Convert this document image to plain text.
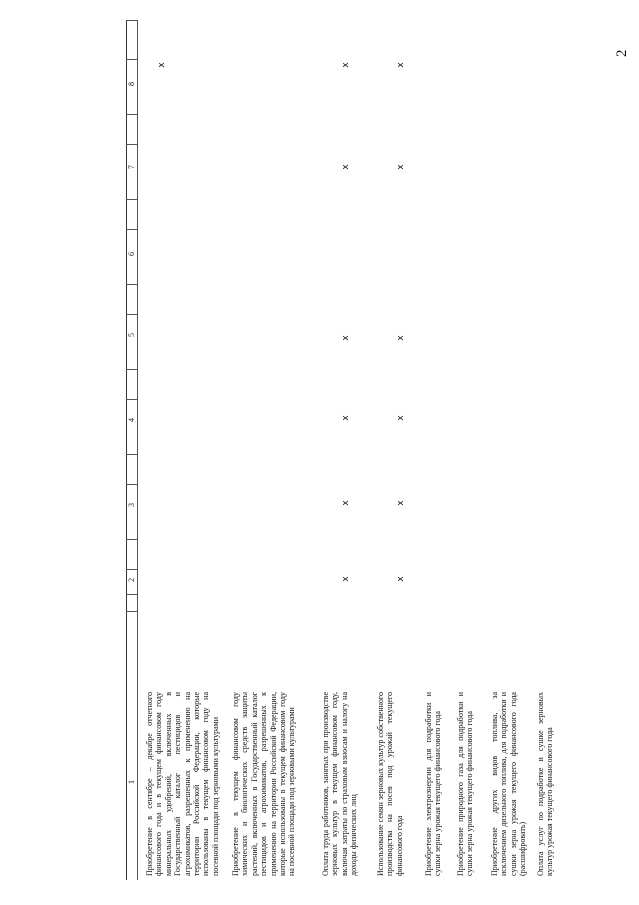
2
1
2
3
4
5
6
7
8
Приобретение в сентябре – декабре отчетного финансового года и в текущем финансовом году минеральных удобрений, включенных в Государственный каталог пестицидов и агрохимикатов, разрешенных к применению на территории Российской Федерации, которые использованы в текущем финансовом году на посевной площади под зерновыми культурами Приобретение в текущем финансовом году химических и биологических средств защиты растений, включенных в Государственный каталог пестицидов и агрохимикатов, разрешенных к применению на территории Российской Федерации, которые использованы в текущем финансовом году на посевной площади под зерновыми культурами
x
Оплата труда работников, занятых при производстве зерновых культур в текущем финансовом году, включая затраты по страховым взносам и налогу на доходы физических лиц
x
x
x
x
x
x
Использование семян зерновых культур собственного производства на посев под урожай текущего финансового года
x
x
x
x
x
x
Приобретение электроэнергии для подработки и сушки зерна урожая текущего финансового года Приобретение природного газа для подработки и сушки зерна урожая текущего финансового года Приобретение других видов топлива, за исключением дизельного топлива, для подработки и сушки зерна урожая текущего финансового года (расшифровать) Оплата услуг по подработке и сушке зерновых культур урожая текущего финансового года
